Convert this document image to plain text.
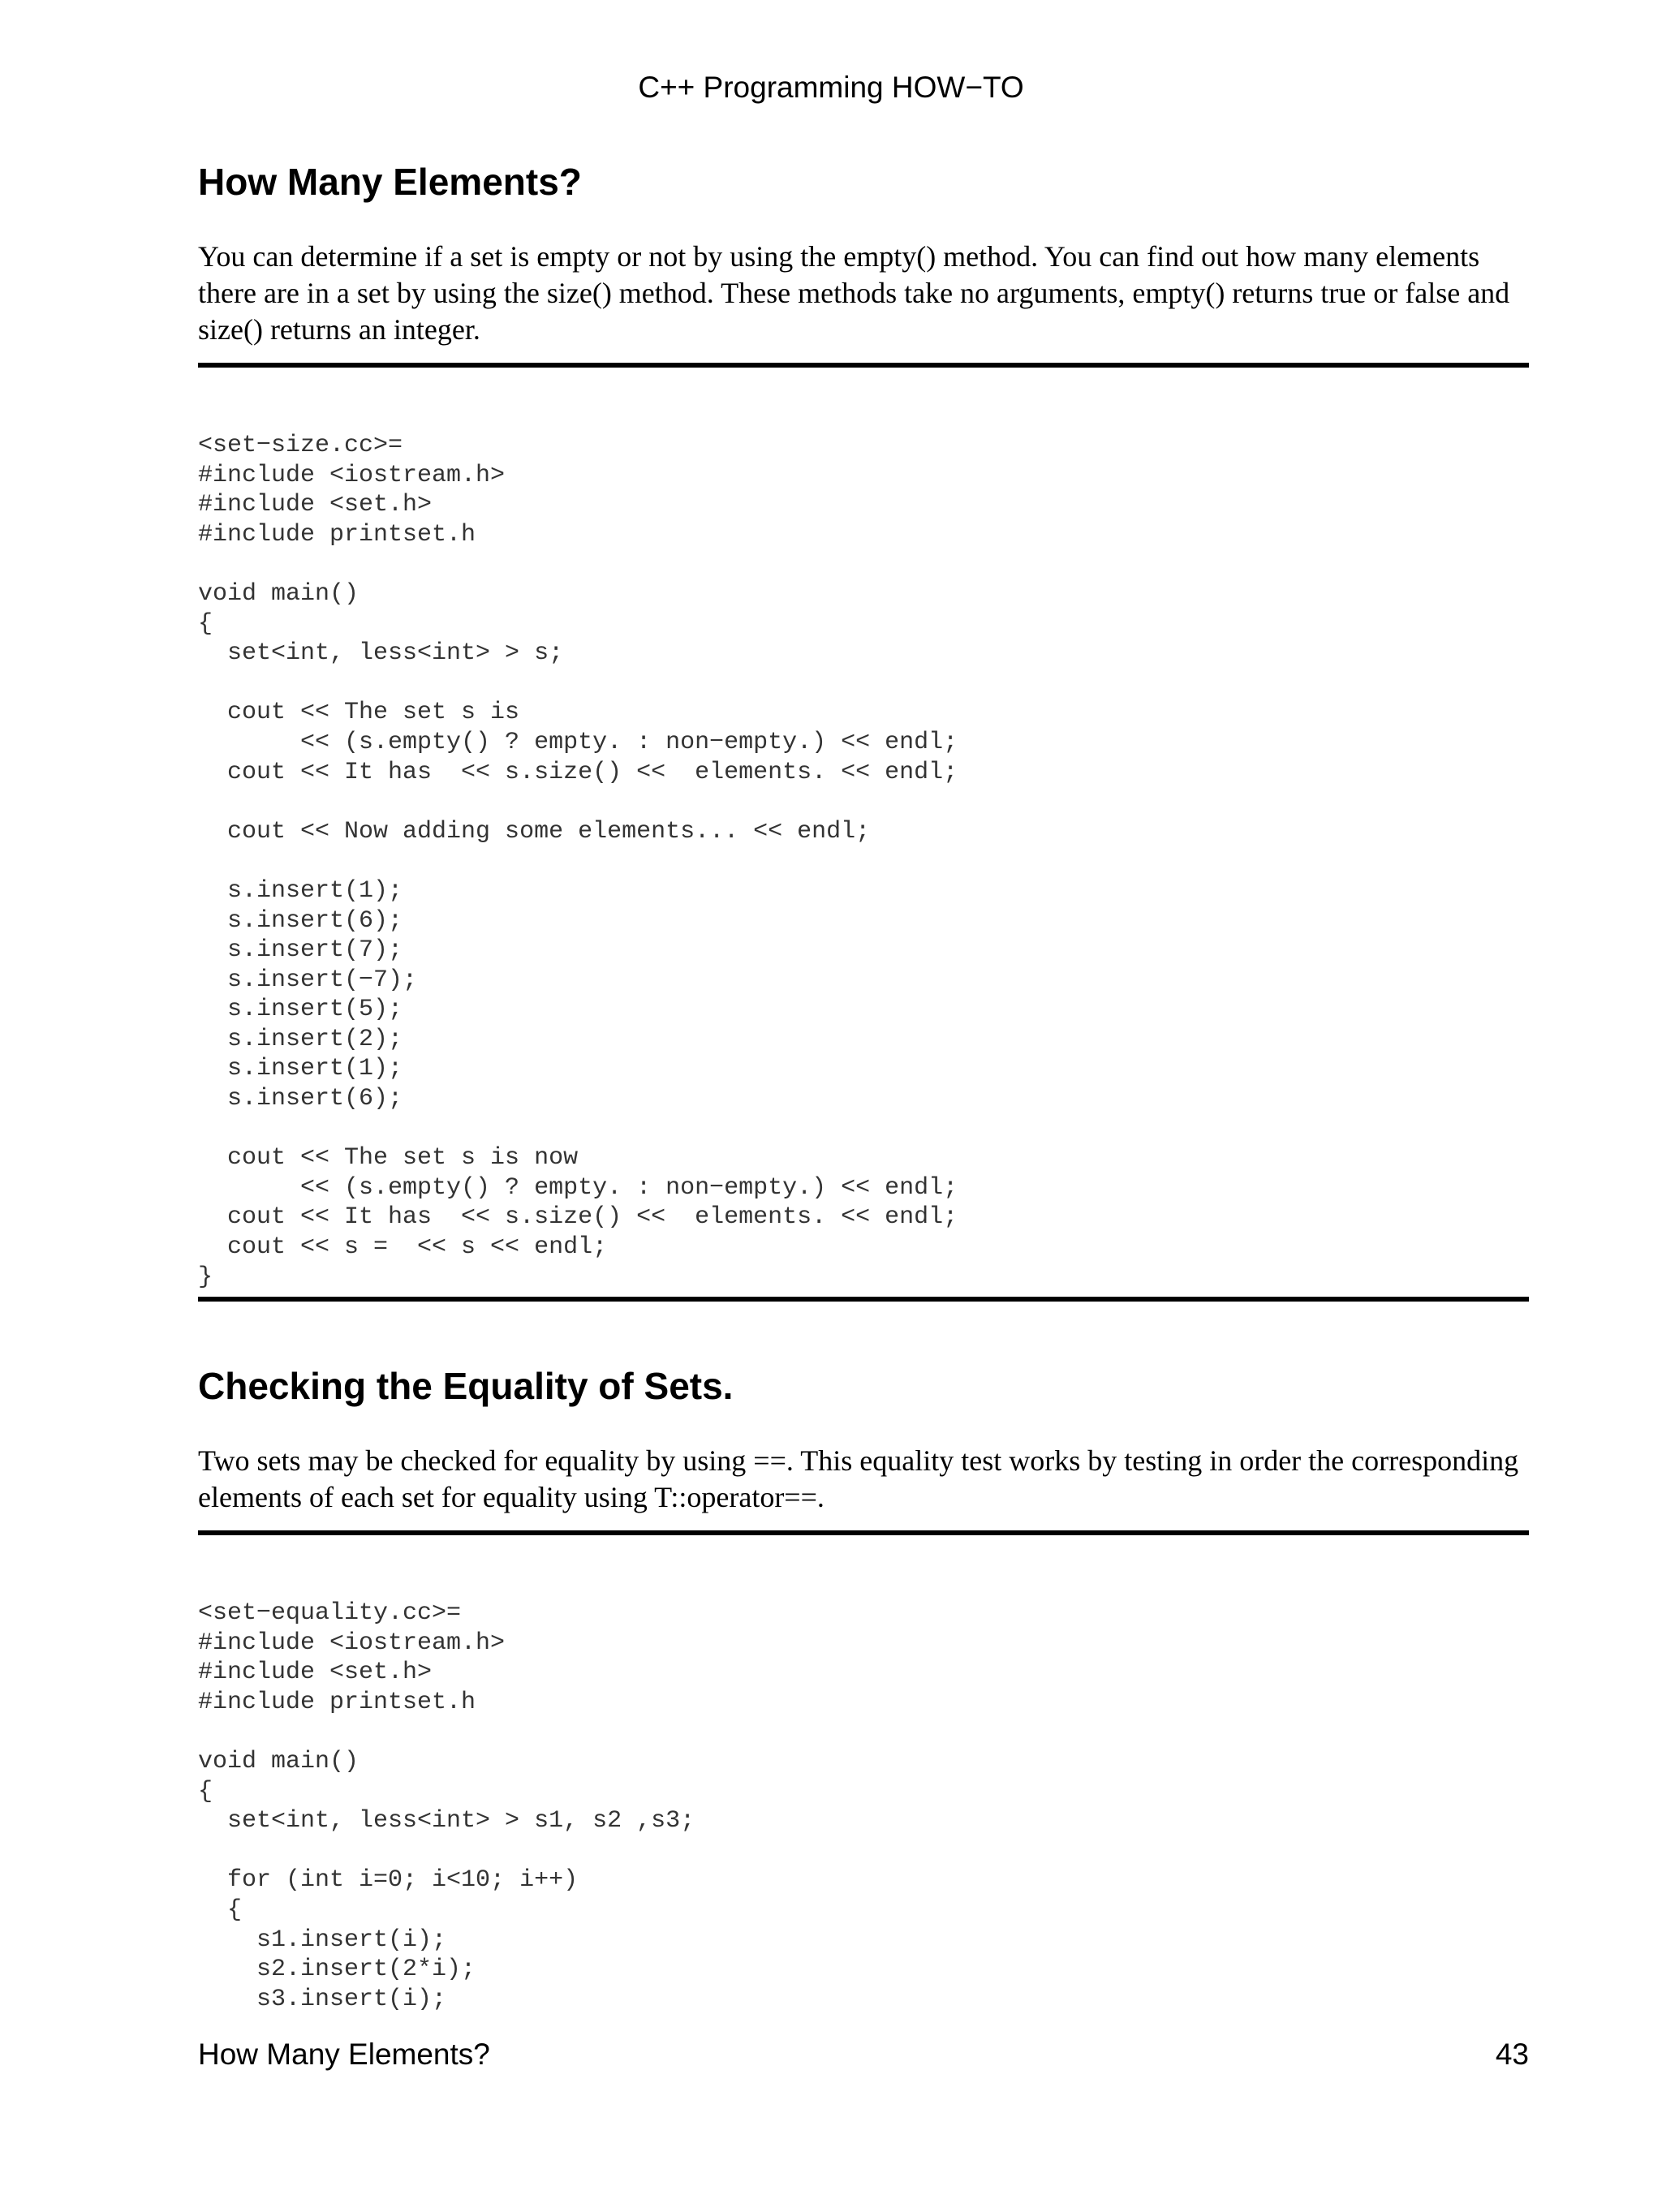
C++ Programming HOW−TO
How Many Elements?

You can determine if a set is empty or not by using the empty() method. You can find out how many elements there are in a set by using the size() method. These methods take no arguments, empty() returns true or false and size() returns an integer.

<set−size.cc>=
#include <iostream.h>
#include <set.h>
#include printset.h

void main()
{
set<int, less<int> > s;

cout << The set s is
<< (s.empty() ? empty. : non−empty.) << endl;
cout << It has  << s.size() <<  elements. << endl;

cout << Now adding some elements... << endl;

s.insert(1);
s.insert(6);
s.insert(7);
s.insert(−7);
s.insert(5);
s.insert(2);
s.insert(1);
s.insert(6);

cout << The set s is now
<< (s.empty() ? empty. : non−empty.) << endl;
cout << It has  << s.size() <<  elements. << endl;
cout << s =  << s << endl;
}
Checking the Equality of Sets.

Two sets may be checked for equality by using ==. This equality test works by testing in order the corresponding elements of each set for equality using T::operator==.

<set−equality.cc>=
#include <iostream.h>
#include <set.h>
#include printset.h

void main()
{
set<int, less<int> > s1, s2 ,s3;

for (int i=0; i<10; i++)
{
s1.insert(i);
s2.insert(2*i);
s3.insert(i);
How Many Elements?	43
